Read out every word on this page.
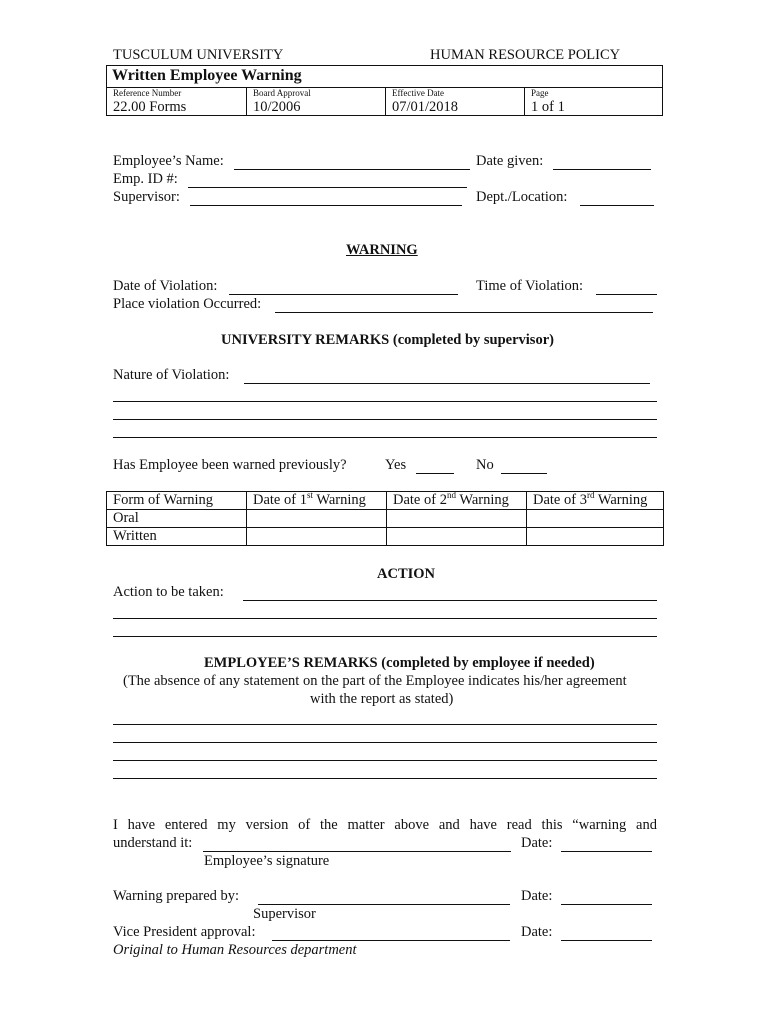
TUSCULUM UNIVERSITY	HUMAN RESOURCE POLICY
Written Employee Warning
Reference Number
22.00 Forms
Board Approval
10/2006
Effective Date
07/01/2018
Page
1 of 1
Employee’s Name:	Date given:
Emp. ID #:
Supervisor:	Dept./Location:
WARNING
Date of Violation:	Time of Violation:
Place violation Occurred:
UNIVERSITY REMARKS (completed by supervisor)
Nature of Violation:
Has Employee been warned previously?	Yes	No
Form of Warning	Date of 1st Warning	Date of 2nd Warning	Date of 3rd Warning
Oral			
Written			
ACTION
Action to be taken:
EMPLOYEE’S REMARKS (completed by employee if needed)
(The absence of any statement on the part of the Employee indicates his/her agreement
with the report as stated)
I have entered my version of the matter above and have read this “warning and
understand it:	Date:
Employee’s signature
Warning prepared by:	Date:
Supervisor
Vice President approval:	Date:
Original to Human Resources department
